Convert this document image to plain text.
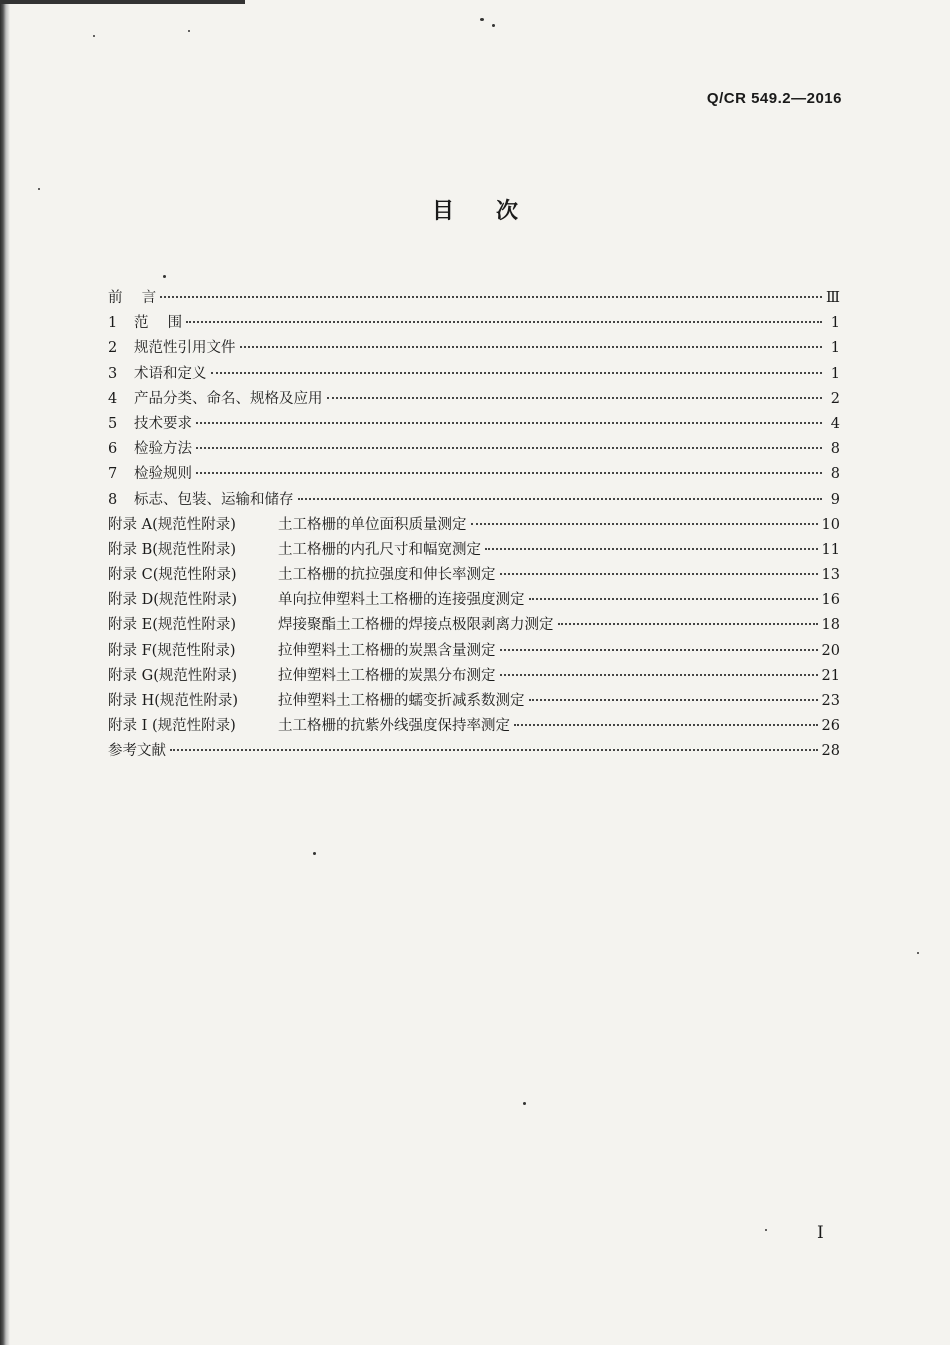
Q/CR 549.2—2016
目次
前　 言	Ⅲ
1	范　 围	1
2	规范性引用文件	1
3	术语和定义	1
4	产品分类、命名、规格及应用	2
5	技术要求	4
6	检验方法	8
7	检验规则	8
8	标志、包装、运输和储存	9
附录 A(规范性附录)	土工格栅的单位面积质量测定	10
附录 B(规范性附录)	土工格栅的内孔尺寸和幅宽测定	11
附录 C(规范性附录)	土工格栅的抗拉强度和伸长率测定	13
附录 D(规范性附录)	单向拉伸塑料土工格栅的连接强度测定	16
附录 E(规范性附录)	焊接聚酯土工格栅的焊接点极限剥离力测定	18
附录 F(规范性附录)	拉伸塑料土工格栅的炭黑含量测定	20
附录 G(规范性附录)	拉伸塑料土工格栅的炭黑分布测定	21
附录 H(规范性附录)	拉伸塑料土工格栅的蠕变折减系数测定	23
附录 I (规范性附录)	土工格栅的抗紫外线强度保持率测定	26
参考文献	28
I
